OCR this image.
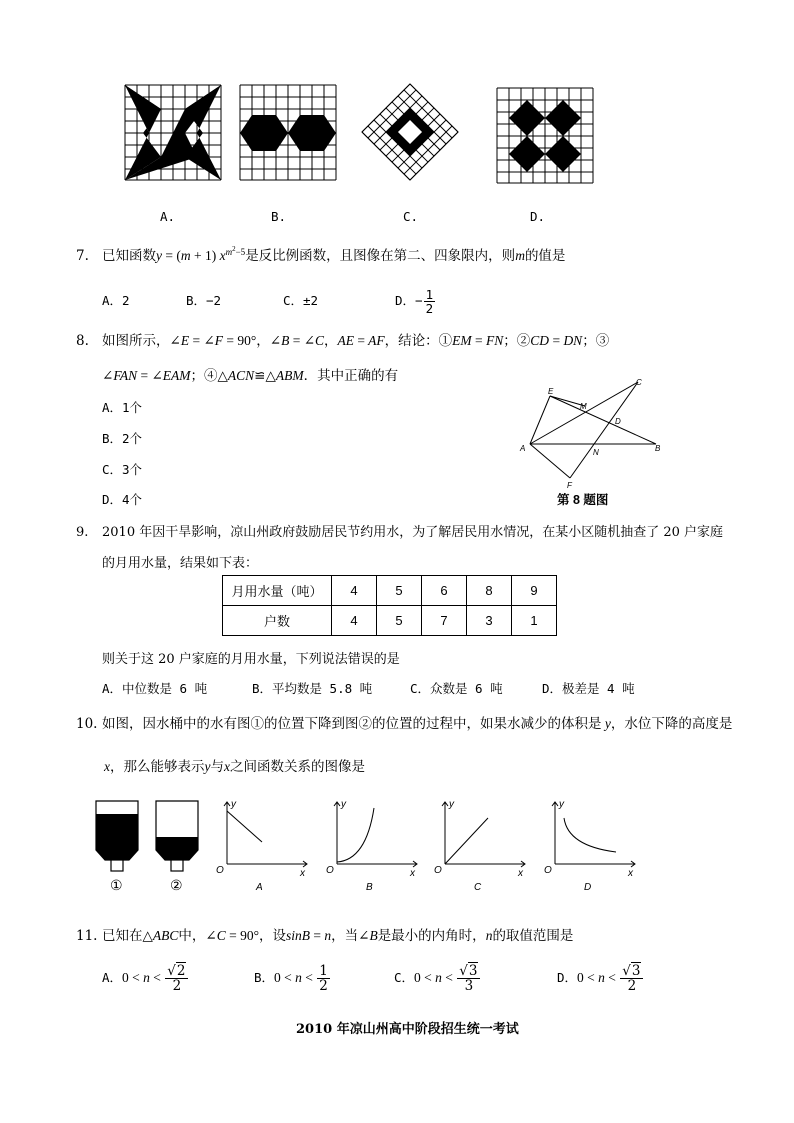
A.	B.	C.	D.
7. 已知函数y = (m + 1) $x^{m^2-5}$是反比例函数，且图像在第二、四象限内，则m的值是
A．2	B．−2	C．±2	D．− $\frac{1}{2}$
8. 如图所示，∠E = ∠F = 90°，∠B = ∠C，AE = AF，结论：①EM = FN；②CD = DN；③
∠FAN = ∠EAM；④△ACN≌△ABM．其中正确的有
A．1个
B．2个
C．3个
D．4个
E
M
C
D
A	N	B
F
第 8 题图
9. 2010 年因干旱影响，凉山州政府鼓励居民节约用水，为了解居民用水情况，在某小区随机抽查了 20 户家庭
的月用水量，结果如下表：
月用水量（吨）	4	5	6	8	9
户数	4	5	7	3	1
则关于这 20 户家庭的月用水量，下列说法错误的是
A．中位数是 6 吨	B．平均数是 5.8 吨	C．众数是 6 吨	D．极差是 4 吨
10. 如图，因水桶中的水有图①的位置下降到图②的位置的过程中，如果水减少的体积是 y，水位下降的高度是
x，那么能够表示y与x之间函数关系的图像是
①	②
y
O	x
A
y
O	x
B
y
O	x
C
y
O	x
D
11. 已知在△ABC中，∠C = 90°，设sinB = n，当∠B是最小的内角时，n的取值范围是
A．$0 < n < \frac{√2}{2}$	B．$0 < n < \frac{1}{2}$	C．$0 < n < \frac{√3}{3}$	D．$0 < n < \frac{√3}{2}$
2010 年凉山州高中阶段招生统一考试
